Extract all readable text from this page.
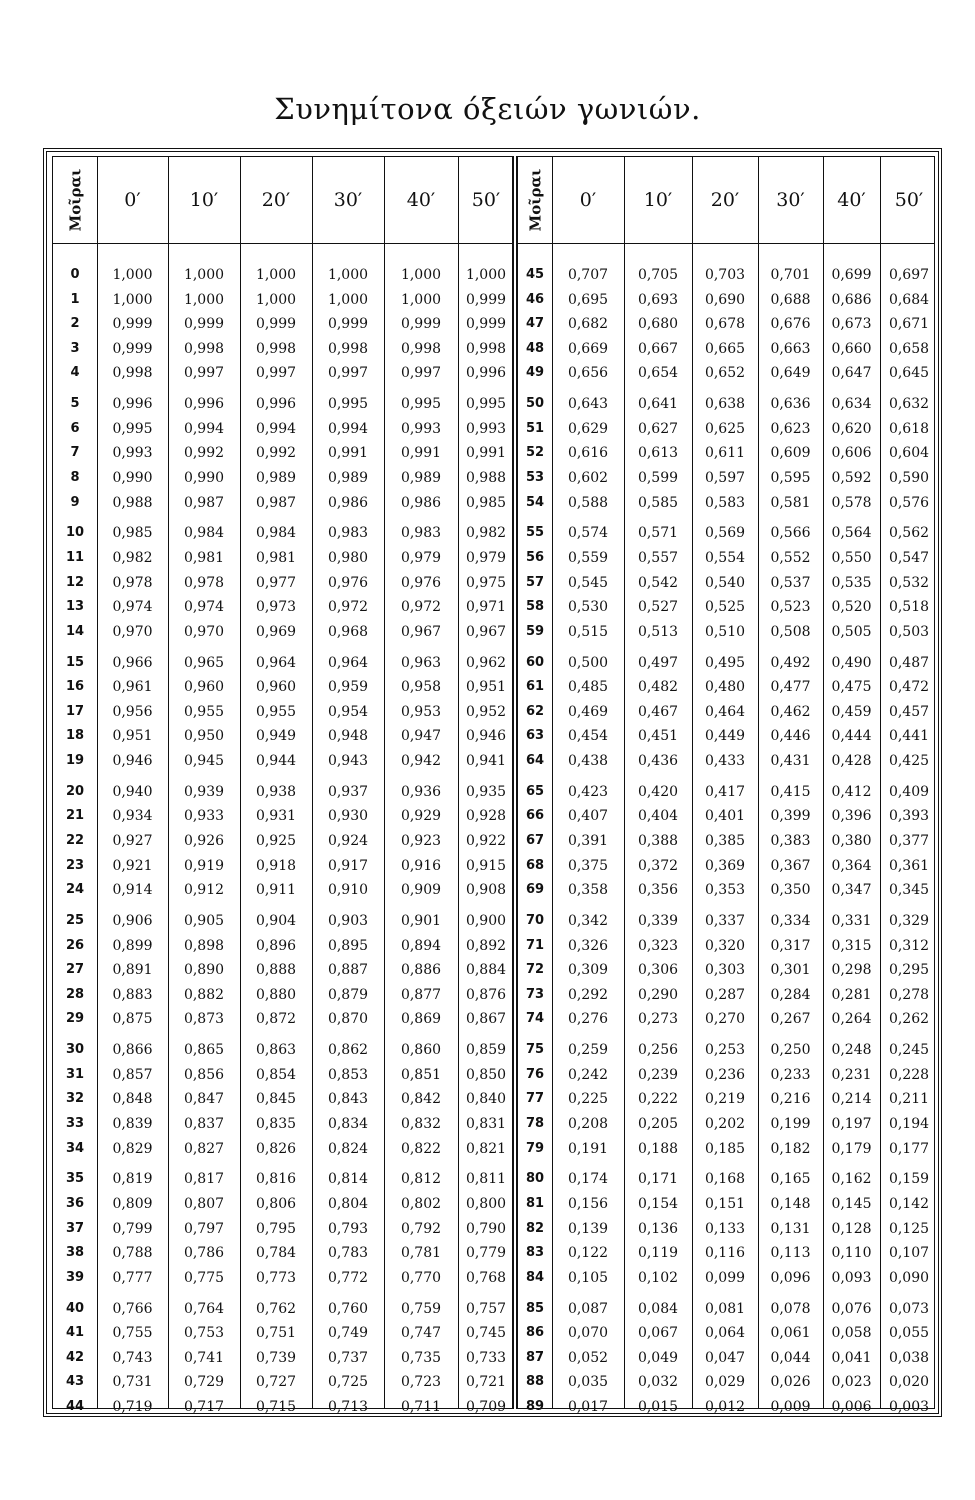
Συνημίτονα όξειών γωνιών.
Μοῖραι	0′	10′	20′	30′	40′	50′
0	1,000	1,000	1,000	1,000	1,000	1,000
1	1,000	1,000	1,000	1,000	1,000	0,999
2	0,999	0,999	0,999	0,999	0,999	0,999
3	0,999	0,998	0,998	0,998	0,998	0,998
4	0,998	0,997	0,997	0,997	0,997	0,996
5	0,996	0,996	0,996	0,995	0,995	0,995
6	0,995	0,994	0,994	0,994	0,993	0,993
7	0,993	0,992	0,992	0,991	0,991	0,991
8	0,990	0,990	0,989	0,989	0,989	0,988
9	0,988	0,987	0,987	0,986	0,986	0,985
10	0,985	0,984	0,984	0,983	0,983	0,982
11	0,982	0,981	0,981	0,980	0,979	0,979
12	0,978	0,978	0,977	0,976	0,976	0,975
13	0,974	0,974	0,973	0,972	0,972	0,971
14	0,970	0,970	0,969	0,968	0,967	0,967
15	0,966	0,965	0,964	0,964	0,963	0,962
16	0,961	0,960	0,960	0,959	0,958	0,951
17	0,956	0,955	0,955	0,954	0,953	0,952
18	0,951	0,950	0,949	0,948	0,947	0,946
19	0,946	0,945	0,944	0,943	0,942	0,941
20	0,940	0,939	0,938	0,937	0,936	0,935
21	0,934	0,933	0,931	0,930	0,929	0,928
22	0,927	0,926	0,925	0,924	0,923	0,922
23	0,921	0,919	0,918	0,917	0,916	0,915
24	0,914	0,912	0,911	0,910	0,909	0,908
25	0,906	0,905	0,904	0,903	0,901	0,900
26	0,899	0,898	0,896	0,895	0,894	0,892
27	0,891	0,890	0,888	0,887	0,886	0,884
28	0,883	0,882	0,880	0,879	0,877	0,876
29	0,875	0,873	0,872	0,870	0,869	0,867
30	0,866	0,865	0,863	0,862	0,860	0,859
31	0,857	0,856	0,854	0,853	0,851	0,850
32	0,848	0,847	0,845	0,843	0,842	0,840
33	0,839	0,837	0,835	0,834	0,832	0,831
34	0,829	0,827	0,826	0,824	0,822	0,821
35	0,819	0,817	0,816	0,814	0,812	0,811
36	0,809	0,807	0,806	0,804	0,802	0,800
37	0,799	0,797	0,795	0,793	0,792	0,790
38	0,788	0,786	0,784	0,783	0,781	0,779
39	0,777	0,775	0,773	0,772	0,770	0,768
40	0,766	0,764	0,762	0,760	0,759	0,757
41	0,755	0,753	0,751	0,749	0,747	0,745
42	0,743	0,741	0,739	0,737	0,735	0,733
43	0,731	0,729	0,727	0,725	0,723	0,721
44	0,719	0,717	0,715	0,713	0,711	0,709
Μοῖραι	0′	10′	20′	30′	40′	50′
45	0,707	0,705	0,703	0,701	0,699	0,697
46	0,695	0,693	0,690	0,688	0,686	0,684
47	0,682	0,680	0,678	0,676	0,673	0,671
48	0,669	0,667	0,665	0,663	0,660	0,658
49	0,656	0,654	0,652	0,649	0,647	0,645
50	0,643	0,641	0,638	0,636	0,634	0,632
51	0,629	0,627	0,625	0,623	0,620	0,618
52	0,616	0,613	0,611	0,609	0,606	0,604
53	0,602	0,599	0,597	0,595	0,592	0,590
54	0,588	0,585	0,583	0,581	0,578	0,576
55	0,574	0,571	0,569	0,566	0,564	0,562
56	0,559	0,557	0,554	0,552	0,550	0,547
57	0,545	0,542	0,540	0,537	0,535	0,532
58	0,530	0,527	0,525	0,523	0,520	0,518
59	0,515	0,513	0,510	0,508	0,505	0,503
60	0,500	0,497	0,495	0,492	0,490	0,487
61	0,485	0,482	0,480	0,477	0,475	0,472
62	0,469	0,467	0,464	0,462	0,459	0,457
63	0,454	0,451	0,449	0,446	0,444	0,441
64	0,438	0,436	0,433	0,431	0,428	0,425
65	0,423	0,420	0,417	0,415	0,412	0,409
66	0,407	0,404	0,401	0,399	0,396	0,393
67	0,391	0,388	0,385	0,383	0,380	0,377
68	0,375	0,372	0,369	0,367	0,364	0,361
69	0,358	0,356	0,353	0,350	0,347	0,345
70	0,342	0,339	0,337	0,334	0,331	0,329
71	0,326	0,323	0,320	0,317	0,315	0,312
72	0,309	0,306	0,303	0,301	0,298	0,295
73	0,292	0,290	0,287	0,284	0,281	0,278
74	0,276	0,273	0,270	0,267	0,264	0,262
75	0,259	0,256	0,253	0,250	0,248	0,245
76	0,242	0,239	0,236	0,233	0,231	0,228
77	0,225	0,222	0,219	0,216	0,214	0,211
78	0,208	0,205	0,202	0,199	0,197	0,194
79	0,191	0,188	0,185	0,182	0,179	0,177
80	0,174	0,171	0,168	0,165	0,162	0,159
81	0,156	0,154	0,151	0,148	0,145	0,142
82	0,139	0,136	0,133	0,131	0,128	0,125
83	0,122	0,119	0,116	0,113	0,110	0,107
84	0,105	0,102	0,099	0,096	0,093	0,090
85	0,087	0,084	0,081	0,078	0,076	0,073
86	0,070	0,067	0,064	0,061	0,058	0,055
87	0,052	0,049	0,047	0,044	0,041	0,038
88	0,035	0,032	0,029	0,026	0,023	0,020
89	0,017	0,015	0,012	0,009	0,006	0,003
